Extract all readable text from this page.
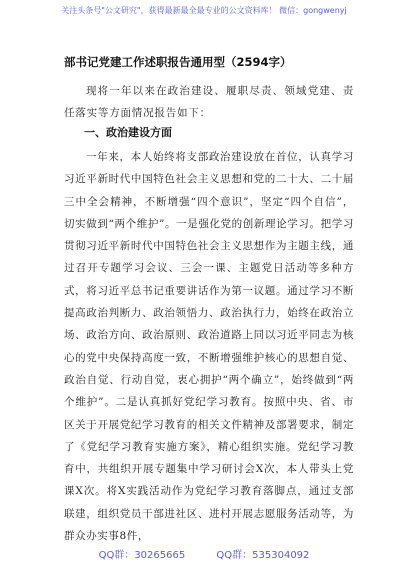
关注头条号"公文研究"，获得最新最全最专业的公文资料库！ 微信：gongwenyj
部书记党建工作述职报告通用型（2594字）
现将一年以来在政治建设、履职尽责、领域党建、责任落实等方面情况报告如下：
一、政治建设方面
一年来，本人始终将支部政治建设放在首位，认真学习习近平新时代中国特色社会主义思想和党的二十大、二十届三中全会精神，不断增强“四个意识”，坚定“四个自信”，切实做到“两个维护”。一是强化党的创新理论学习。把学习贯彻习近平新时代中国特色社会主义思想作为主题主线，通过召开专题学习会议、三会一课、主题党日活动等多种方式，将习近平总书记重要讲话作为第一议题。通过学习不断提高政治判断力、政治领悟力、政治执行力，始终在政治立场、政治方向、政治原则、政治道路上同以习近平同志为核心的党中央保持高度一致，不断增强维护核心的思想自觉、政治自觉、行动自觉，衷心拥护“两个确立”，始终做到“两个维护”。二是认真抓好党纪学习教育。按照中央、省、市区关于开展党纪学习教育的相关文件精神及部署要求，制定了《党纪学习教育实施方案》，精心组织实施。党纪学习教育中，共组织开展专题集中学习研讨会X次，本人带头上党课X次。将X实践活动作为党纪学习教育落脚点，通过支部联建，组织党员干部进社区、进村开展志愿服务活动等，为群众办实事8件，
QQ群：30265665	QQ群：535304092
